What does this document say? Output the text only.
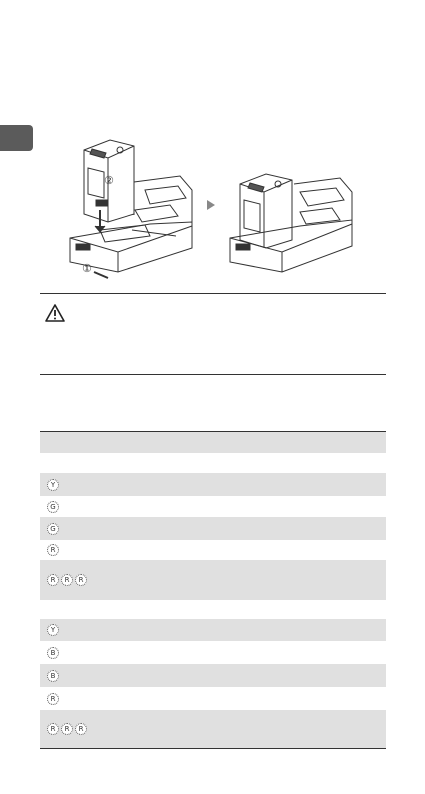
②
①
Y
G
G
R
R	R	R
Y
B
B
R
R	R	R
